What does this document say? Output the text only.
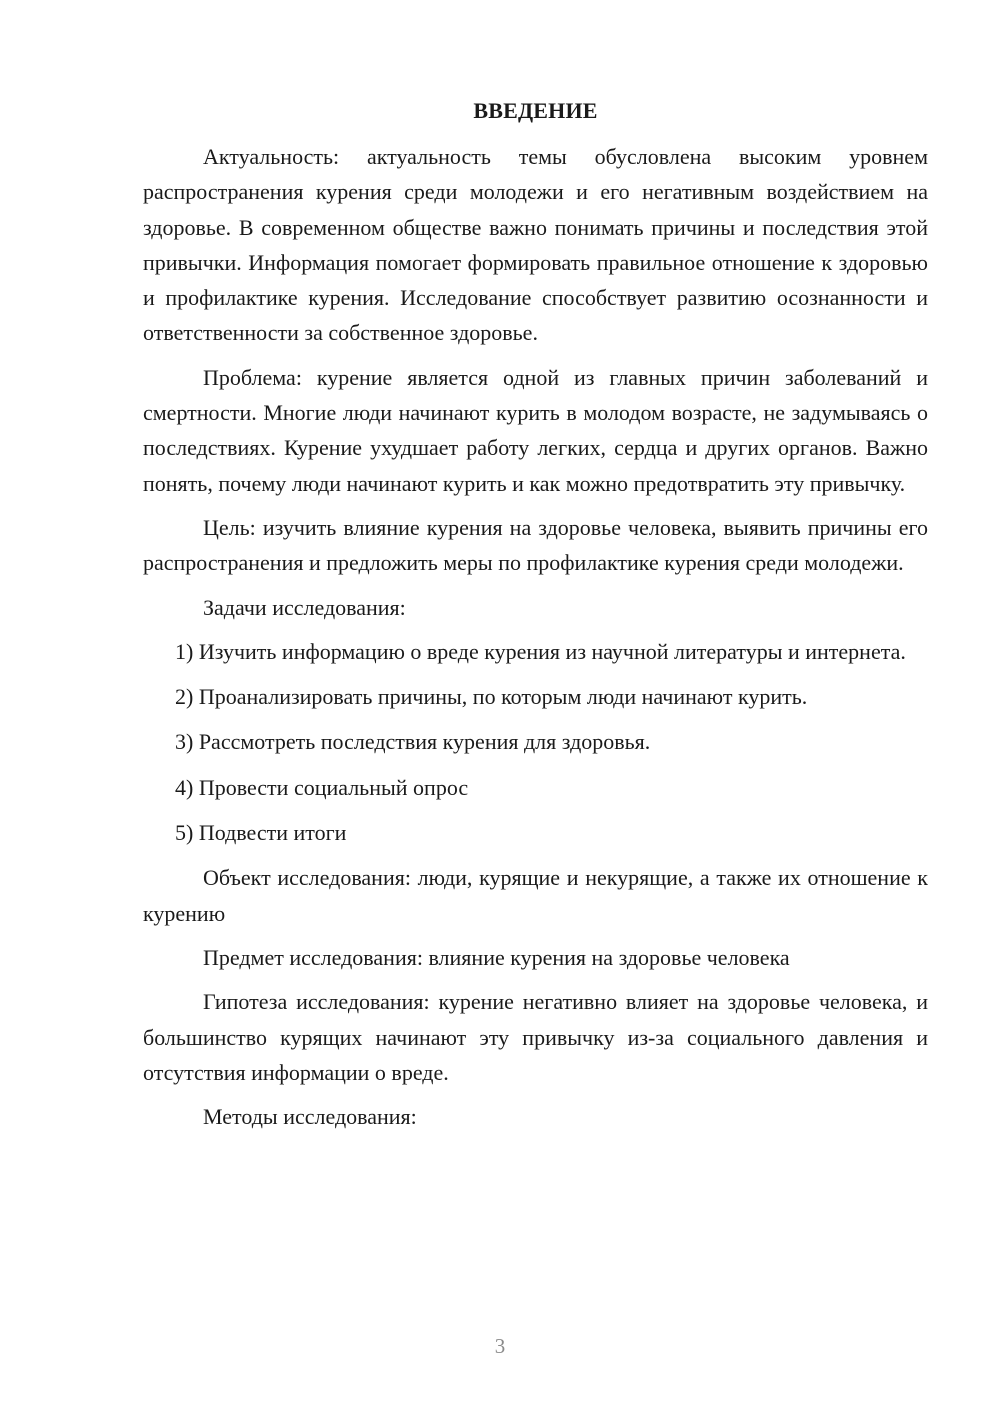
ВВЕДЕНИЕ

Актуальность: актуальность темы обусловлена высоким уровнем распространения курения среди молодежи и его негативным воздействием на здоровье. В современном обществе важно понимать причины и последствия этой привычки. Информация помогает формировать правильное отношение к здоровью и профилактике курения. Исследование способствует развитию осознанности и ответственности за собственное здоровье.

Проблема: курение является одной из главных причин заболеваний и смертности. Многие люди начинают курить в молодом возрасте, не задумываясь о последствиях. Курение ухудшает работу легких, сердца и других органов. Важно понять, почему люди начинают курить и как можно предотвратить эту привычку.

Цель: изучить влияние курения на здоровье человека, выявить причины его распространения и предложить меры по профилактике курения среди молодежи.

Задачи исследования:

1) Изучить информацию о вреде курения из научной литературы и интернета.

2) Проанализировать причины, по которым люди начинают курить.

3) Рассмотреть последствия курения для здоровья.

4) Провести социальный опрос

5) Подвести итоги

Объект исследования: люди, курящие и некурящие, а также их отношение к курению

Предмет исследования: влияние курения на здоровье человека

Гипотеза исследования: курение негативно влияет на здоровье человека, и большинство курящих начинают эту привычку из-за социального давления и отсутствия информации о вреде.

Методы исследования:

3
